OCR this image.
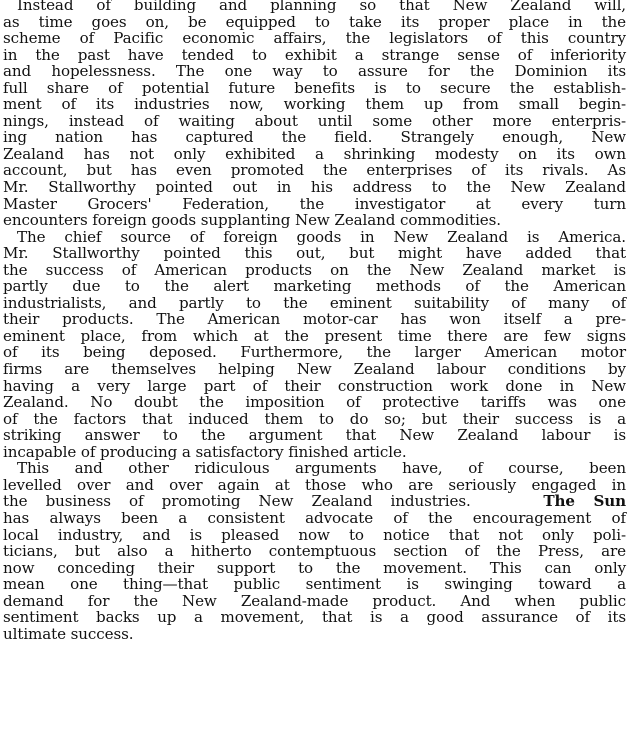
Instead of building and planning so that New Zealand will,
as time goes on, be equipped to take its proper place in the
scheme of Pacific economic affairs, the legislators of this country
in the past have tended to exhibit a strange sense of inferiority
and hopelessness. The one way to assure for the Dominion its
full share of potential future benefits is to secure the establish-
ment of its industries now, working them up from small begin-
nings, instead of waiting about until some other more enterpris-
ing nation has captured the field. Strangely enough, New
Zealand has not only exhibited a shrinking modesty on its own
account, but has even promoted the enterprises of its rivals. As
Mr. Stallworthy pointed out in his address to the New Zealand
Master Grocers' Federation, the investigator at every turn
encounters foreign goods supplanting New Zealand commodities.
The chief source of foreign goods in New Zealand is America.
Mr. Stallworthy pointed this out, but might have added that
the success of American products on the New Zealand market is
partly due to the alert marketing methods of the American
industrialists, and partly to the eminent suitability of many of
their products. The American motor-car has won itself a pre-
eminent place, from which at the present time there are few signs
of its being deposed. Furthermore, the larger American motor
firms are themselves helping New Zealand labour conditions by
having a very large part of their construction work done in New
Zealand. No doubt the imposition of protective tariffs was one
of the factors that induced them to do so; but their success is a
striking answer to the argument that New Zealand labour is
incapable of producing a satisfactory finished article.
This and other ridiculous arguments have, of course, been
levelled over and over again at those who are seriously engaged in
the business of promoting New Zealand industries.	The Sun
has always been a consistent advocate of the encouragement of
local industry, and is pleased now to notice that not only poli-
ticians, but also a hitherto contemptuous section of the Press, are
now conceding their support to the movement. This can only
mean one thing—that public sentiment is swinging toward a
demand for the New Zealand-made product. And when public
sentiment backs up a movement, that is a good assurance of its
ultimate success.
